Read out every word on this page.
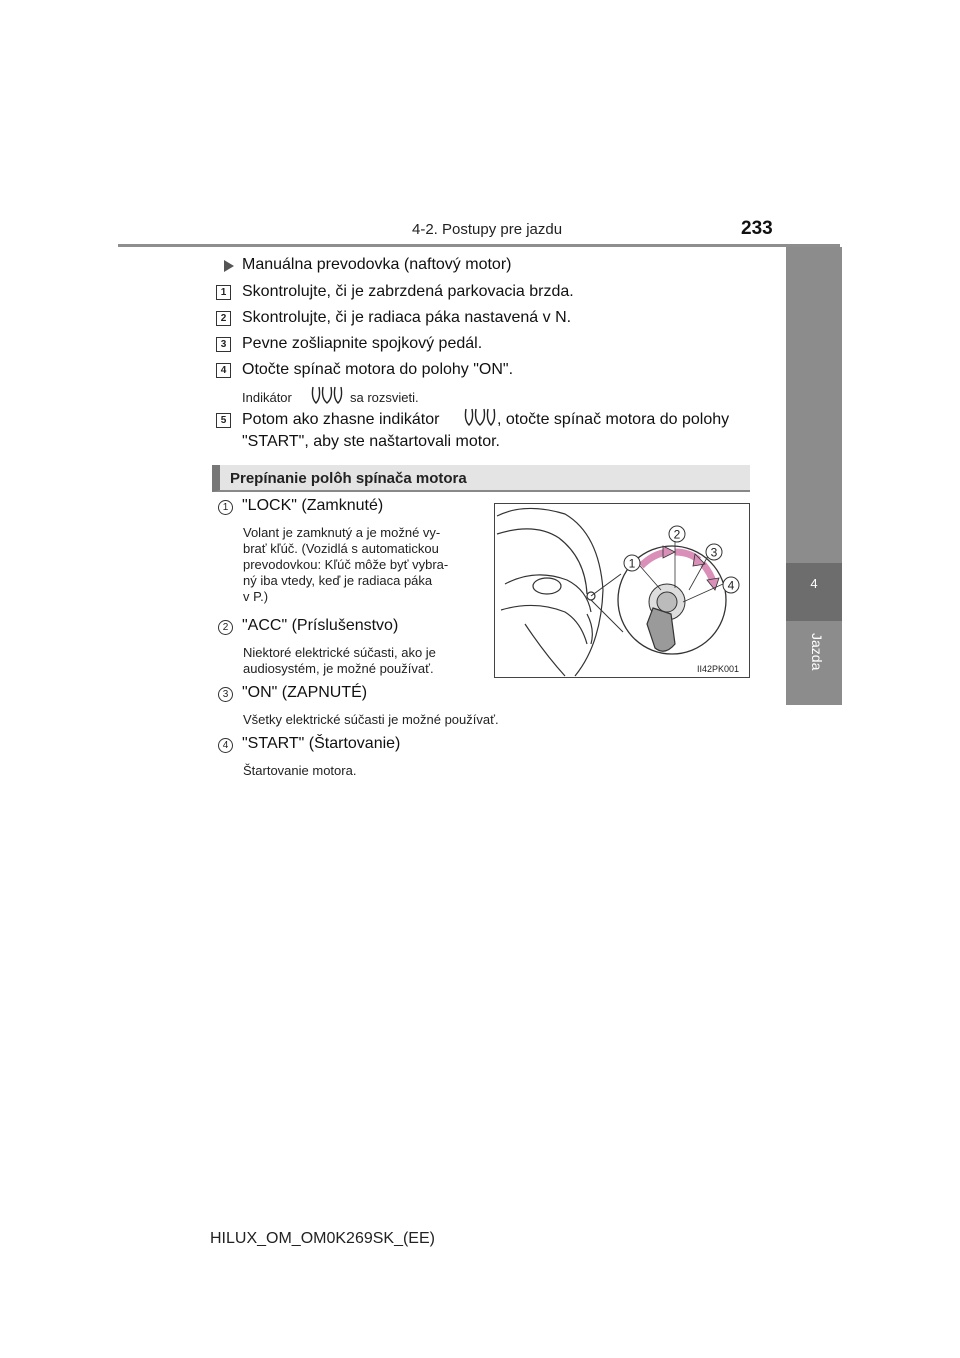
4-2. Postupy pre jazdu	233
4
Jazda
Manuálna prevodovka (naftový motor)
1 Skontrolujte, či je zabrzdená parkovacia brzda.
2 Skontrolujte, či je radiaca páka nastavená v N.
3 Pevne zošliapnite spojkový pedál.
4 Otočte spínač motora do polohy "ON".
Indikátor	sa rozsvieti.
5 Potom ako zhasne indikátor	, otočte spínač motora do polohy
"START", aby ste naštartovali motor.
Prepínanie polôh spínača motora
1 "LOCK" (Zamknuté)
Volant je zamknutý a je možné vy-
brať kľúč. (Vozidlá s automatickou
prevodovkou: Kľúč môže byť vybra-
ný iba vtedy, keď je radiaca páka
v P.)
2 "ACC" (Príslušenstvo)
Niektoré elektrické súčasti, ako je
audiosystém, je možné používať.
3 "ON" (ZAPNUTÉ)
Všetky elektrické súčasti je možné používať.
4 "START" (Štartovanie)
Štartovanie motora.
1
2
3
4
II42PK001
HILUX_OM_OM0K269SK_(EE)
